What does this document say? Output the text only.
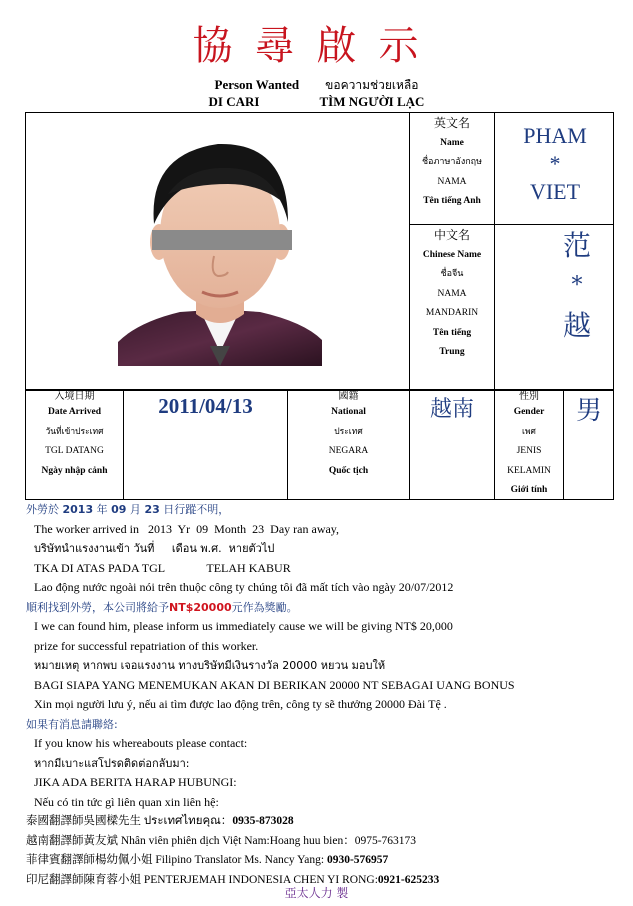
協尋啟示
Person Wanted ขอความช่วยเหลือ
DI CARI	TÌM NGƯỜI LẠC
英文名
Name
ชื่อภาษาอังกฤษ
NAMA
Tên tiếng Anh
PHAM
*
VIET
中文名
Chinese Name
ชื่อจีน
NAMA
MANDARIN
Tên tiếng
Trung
范
*
越
入境日期
Date Arrived
วันที่เข้าประเทศ
TGL DATANG
Ngày nhập cảnh
2011/04/13	國籍
National
ประเทศ
NEGARA
Quốc tịch
越南
性別
Gender
เพศ
JENIS
KELAMIN
Giới tính
男
外勞於 2013 年 09 月 23 日行蹤不明，
The worker arrived in   2013  Yr  09  Month  23  Day ran away,
บริษัทนำแรงงานเข้า วันที่     เดือน พ.ศ.  หายตัวไป
TKA DI ATAS PADA TGL              TELAH KABUR
Lao động nước ngoài nói trên thuộc công ty chúng tôi đã mất tích vào ngày 20/07/2012
順利找到外勞，本公司將給予NT$20000元作為獎勵。
I we can found him, please inform us immediately cause we will be giving NT$ 20,000
prize for successful repatriation of this worker.
หมายเหตุ หากพบ เจอแรงงาน ทางบริษัทมีเงินรางวัล 20000 หยวน มอบให้
BAGI SIAPA YANG MENEMUKAN AKAN DI BERIKAN 20000 NT SEBAGAI UANG BONUS
Xin mọi người lưu ý, nếu ai tìm được lao động trên, công ty sẽ thưởng 20000 Đài Tệ .
如果有消息請聯絡:
If you know his whereabouts please contact:
หากมีเบาะแสโปรดติดต่อกลับมา:
JIKA ADA BERITA HARAP HUBUNGI:
Nếu có tin tức gì liên quan xin liên hệ:
泰國翻譯師吳國樑先生 ประเทศไทยคุณ：0935-873028
越南翻譯師黃友斌 Nhân viên phiên dịch Việt Nam:Hoang huu bien：0975-763173
菲律賓翻譯師楊幼佩小姐 Filipino Translator Ms. Nancy Yang: 0930-576957
印尼翻譯師陳育蓉小姐 PENTERJEMAH INDONESIA CHEN YI RONG:0921-625233
亞太人力 製
